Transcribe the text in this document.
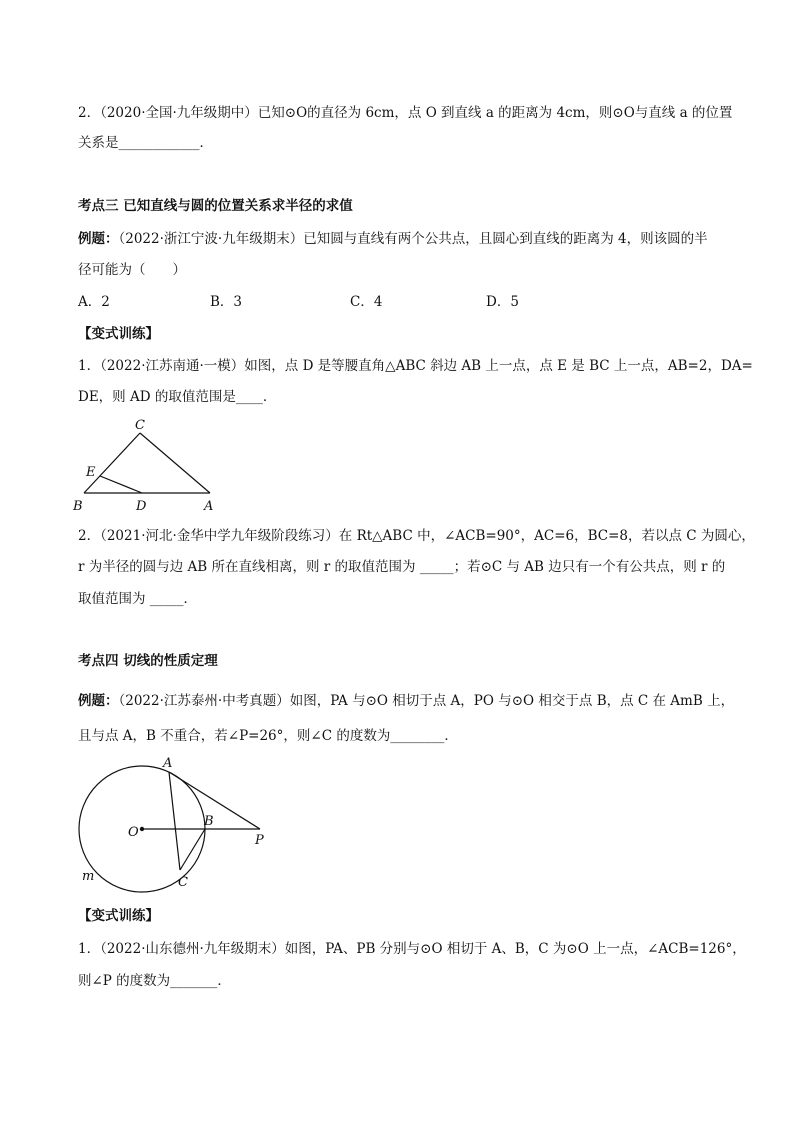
2．（2020·全国·九年级期中）已知⊙O的直径为 6cm，点 O 到直线 a 的距离为 4cm，则⊙O与直线 a 的位置
关系是____________．
考点三 已知直线与圆的位置关系求半径的求值
例题：（2022·浙江宁波·九年级期末）已知圆与直线有两个公共点，且圆心到直线的距离为 4，则该圆的半
径可能为（　　）
A．2	B．3	C．4	D．5
【变式训练】
1．（2022·江苏南通·一模）如图，点 D 是等腰直角△ABC 斜边 AB 上一点，点 E 是 BC 上一点，AB=2，DA=
DE，则 AD 的取值范围是____．
C
E
B	D	A
2．（2021·河北·金华中学九年级阶段练习）在 Rt△ABC 中，∠ACB=90°，AC=6，BC=8，若以点 C 为圆心，
r 为半径的圆与边 AB 所在直线相离，则 r 的取值范围为 _____；若⊙C 与 AB 边只有一个有公共点，则 r 的
取值范围为 _____．
考点四 切线的性质定理
例题：（2022·江苏泰州·中考真题）如图，PA 与⊙O 相切于点 A，PO 与⊙O 相交于点 B，点 C 在 AmB 上，
且与点 A，B 不重合，若∠P=26°，则∠C 的度数为________．
A
O
B
P
m	C
【变式训练】
1．（2022·山东德州·九年级期末）如图，PA、PB 分别与⊙O 相切于 A、B，C 为⊙O 上一点，∠ACB=126°，
则∠P 的度数为_______．
